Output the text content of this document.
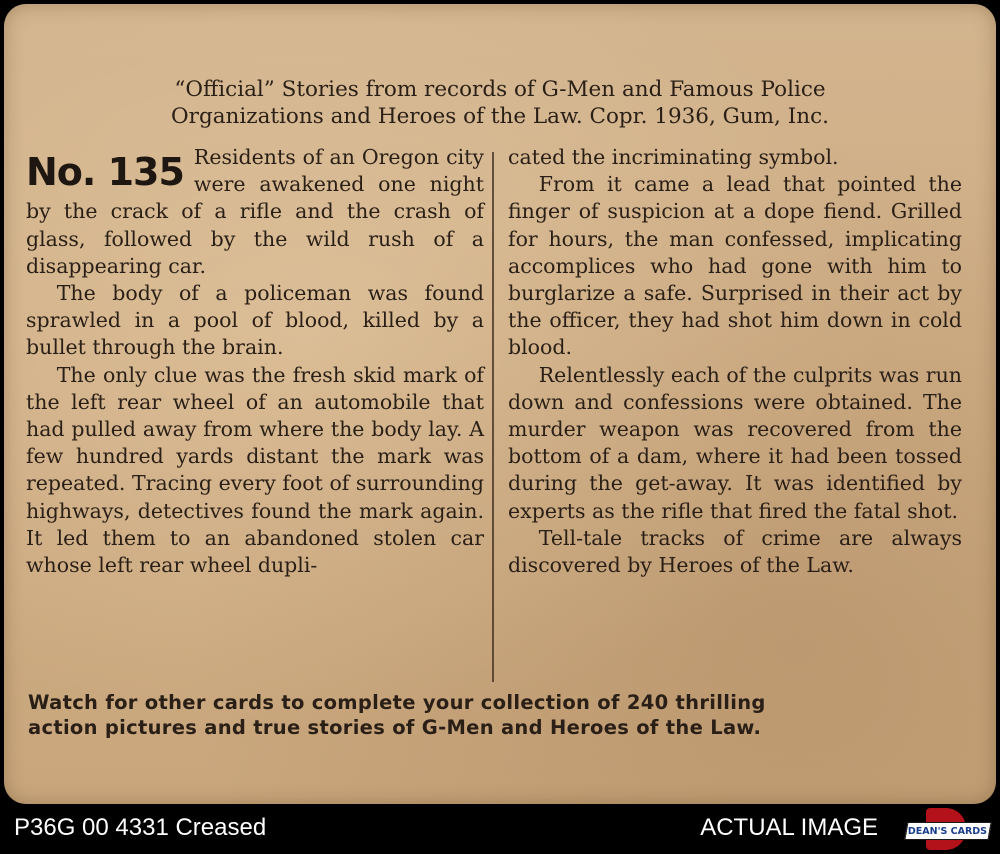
“Official” Stories from records of G-Men and Famous Police
Organizations and Heroes of the Law. Copr. 1936, Gum, Inc.
No. 135 Residents of an Oregon city were awakened one night by the crack of a rifle and the crash of glass, followed by the wild rush of a disappearing car.

The body of a policeman was found sprawled in a pool of blood, killed by a bullet through the brain.

The only clue was the fresh skid mark of the left rear wheel of an automobile that had pulled away from where the body lay. A few hundred yards distant the mark was repeated. Tracing every foot of surrounding highways, detectives found the mark again. It led them to an abandoned stolen car whose left rear wheel dupli-

cated the incriminating symbol.

From it came a lead that pointed the finger of suspicion at a dope fiend. Grilled for hours, the man confessed, implicating accomplices who had gone with him to burglarize a safe. Surprised in their act by the officer, they had shot him down in cold blood.

Relentlessly each of the culprits was run down and confessions were obtained. The murder weapon was recovered from the bottom of a dam, where it had been tossed during the get-away. It was identified by experts as the rifle that fired the fatal shot.

Tell-tale tracks of crime are always discovered by Heroes of the Law.

Watch for other cards to complete your collection of 240 thrilling
action pictures and true stories of G-Men and Heroes of the Law.
P36G 00 4331 Creased	ACTUAL IMAGE	DEAN'S CARDS
